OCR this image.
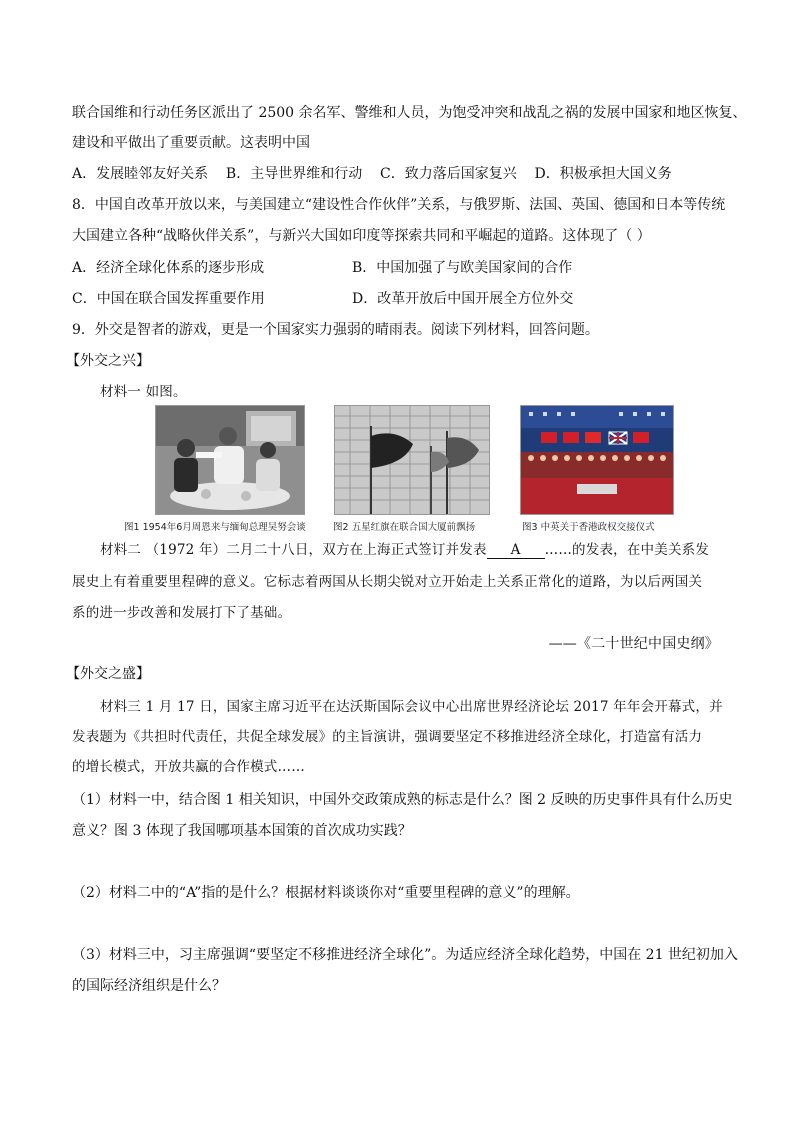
联合国维和行动任务区派出了 2500 余名军、警维和人员，为饱受冲突和战乱之祸的发展中国家和地区恢复、
建设和平做出了重要贡献。这表明中国
A．发展睦邻友好关系    B．主导世界维和行动    C．致力落后国家复兴    D．积极承担大国义务
8．中国自改革开放以来，与美国建立“建设性合作伙伴”关系，与俄罗斯、法国、英国、德国和日本等传统
大国建立各种“战略伙伴关系”，与新兴大国如印度等探索共同和平崛起的道路。这体现了（ ）
A．经济全球化体系的逐步形成	B．中国加强了与欧美国家间的合作
C．中国在联合国发挥重要作用	D．改革开放后中国开展全方位外交
9．外交是智者的游戏，更是一个国家实力强弱的晴雨表。阅读下列材料，回答问题。
【外交之兴】
材料一 如图。
图1 1954年6月周恩来与缅甸总理吴努会谈	图2 五星红旗在联合国大厦前飘扬	图3 中英关于香港政权交接仪式
材料二 （1972 年）二月二十八日，双方在上海正式签订并发表 A ……的发表，在中美关系发
展史上有着重要里程碑的意义。它标志着两国从长期尖锐对立开始走上关系正常化的道路，为以后两国关
系的进一步改善和发展打下了基础。
——《二十世纪中国史纲》
【外交之盛】
材料三 1 月 17 日，国家主席习近平在达沃斯国际会议中心出席世界经济论坛 2017 年年会开幕式，并
发表题为《共担时代责任，共促全球发展》的主旨演讲，强调要坚定不移推进经济全球化，打造富有活力
的增长模式，开放共赢的合作模式……
（1）材料一中，结合图 1 相关知识，中国外交政策成熟的标志是什么？图 2 反映的历史事件具有什么历史
意义？图 3 体现了我国哪项基本国策的首次成功实践？
（2）材料二中的“A”指的是什么？根据材料谈谈你对“重要里程碑的意义”的理解。
（3）材料三中，习主席强调“要坚定不移推进经济全球化”。为适应经济全球化趋势，中国在 21 世纪初加入
的国际经济组织是什么？
